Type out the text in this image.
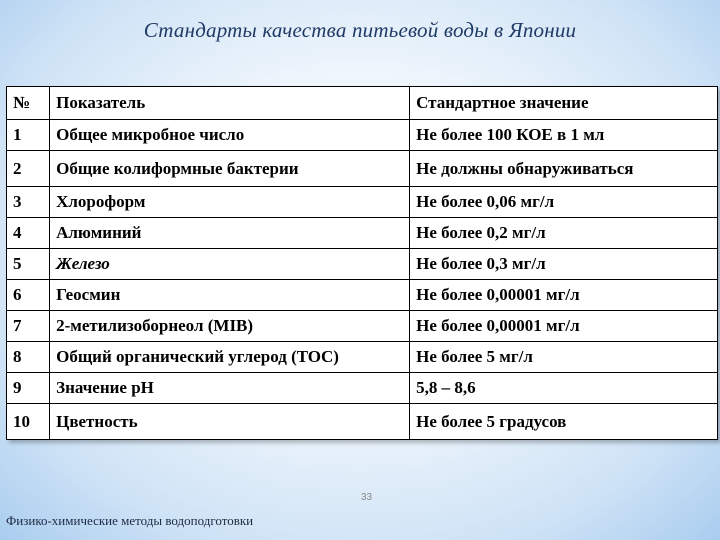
Стандарты качества питьевой воды в Японии
№	Показатель	Стандартное значение
1	Общее микробное число	Не более 100 КОЕ в 1 мл
2	Общие колиформные бактерии	Не должны обнаруживаться
3	Хлороформ	Не более 0,06 мг/л
4	Алюминий	Не более 0,2 мг/л
5	Железо	Не более 0,3 мг/л
6	Геосмин	Не более 0,00001 мг/л
7	2-метилизоборнеол (MIB)	Не более 0,00001 мг/л
8	Общий органический углерод (TOC)	Не более 5 мг/л
9	Значение pH	5,8 – 8,6
10	Цветность	Не более 5 градусов
33
Физико-химические методы водоподготовки
